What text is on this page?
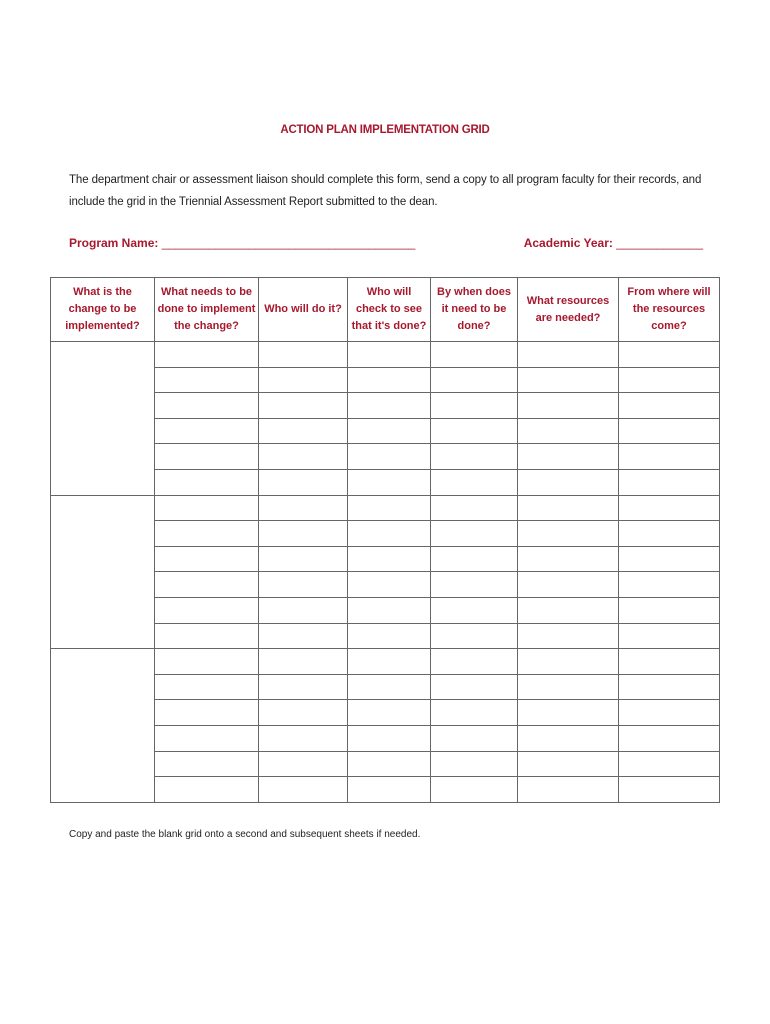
ACTION PLAN IMPLEMENTATION GRID
The department chair or assessment liaison should complete this form, send a copy to all program faculty for their records, and include the grid in the Triennial Assessment Report submitted to the dean.
Program Name: ______________________________________	Academic Year: _____________
What is the change to be implemented?	What needs to be done to implement the change?	Who will do it?	Who will check to see that it's done?	By when does it need to be done?	What resources are needed?	From where will the resources come?

Copy and paste the blank grid onto a second and subsequent sheets if needed.
